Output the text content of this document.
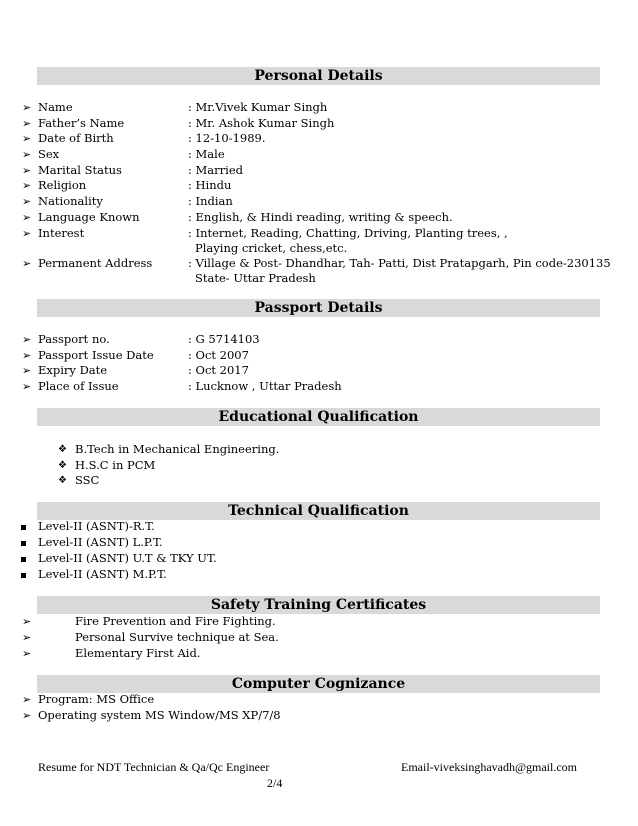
Personal Details
➢ Name	: Mr.Vivek Kumar Singh
➢ Father’s Name	: Mr. Ashok Kumar Singh
➢ Date of Birth	: 12-10-1989.
➢ Sex	: Male
➢ Marital Status	: Married
➢ Religion	: Hindu
➢ Nationality	: Indian
➢ Language Known	: English, & Hindi reading, writing & speech.
➢ Interest	: Internet, Reading, Chatting, Driving, Planting trees, ,
Playing cricket, chess,etc.
➢ Permanent Address	: Village & Post- Dhandhar, Tah- Patti, Dist Pratapgarh, Pin code-230135
State- Uttar Pradesh
Passport Details
➢ Passport no.	: G 5714103
➢ Passport Issue Date	: Oct 2007
➢ Expiry Date	: Oct 2017
➢ Place of Issue	: Lucknow , Uttar Pradesh
Educational Qualification
❖ B.Tech in Mechanical Engineering.
❖ H.S.C in PCM
❖ SSC
Technical Qualification
Level-II (ASNT)-R.T.
Level-II (ASNT) L.P.T.
Level-II (ASNT) U.T & TKY UT.
Level-II (ASNT) M.P.T.
Safety Training Certificates
➢	Fire Prevention and Fire Fighting.
➢	Personal Survive technique at Sea.
➢	Elementary First Aid.
Computer Cognizance
➢ Program: MS Office
➢ Operating system MS Window/MS XP/7/8
Resume for NDT Technician & Qa/Qc Engineer	Email-viveksinghavadh@gmail.com
2/4
